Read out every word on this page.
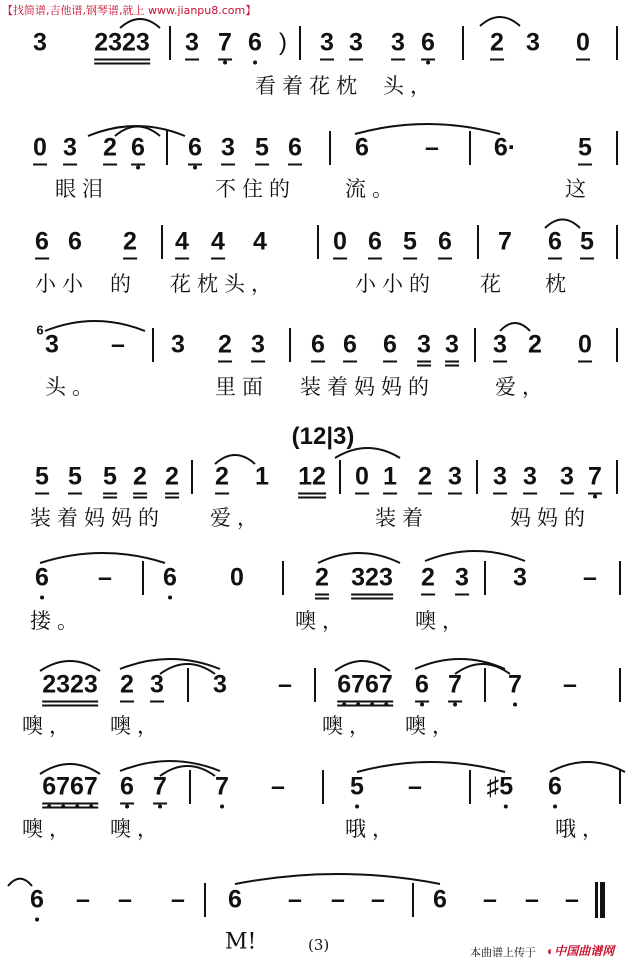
【找简谱,吉他谱,钢琴谱,就上 www.jianpu8.com】
3 2323 3 7 6 ) 3 3 3 6 2 3 0
看着花枕 头，
0 3 2 6 6 3 5 6 6 – 6· 5
眼泪	不住的 流。	这
6 6 2 4 4 4	0 6 5 6 7 6 5
小小 的 花枕头，	小小的 花 枕
3 – 3 2 3 6 6 6 3 3 3 2 0
6
头。	里面 装着妈妈的	爱，
5 5 5 2 2 2 1 12 0 1 2 3 3 3 3 7
(12|3)
装着妈妈的 爱，	装着	妈妈的
6 – 6 0	2 323 2 3 3 –
搂。	噢，	噢，
2323 2 3 3 – 6767 6 7 7 –
噢， 噢，	噢， 噢，
6767 6 7 7 –	5 –	♯5 6
噢， 噢，	哦，	哦，
6 – – – 6 – – – 6 – – –
M!	(3)	本曲谱上传于 ◐中国曲谱网
